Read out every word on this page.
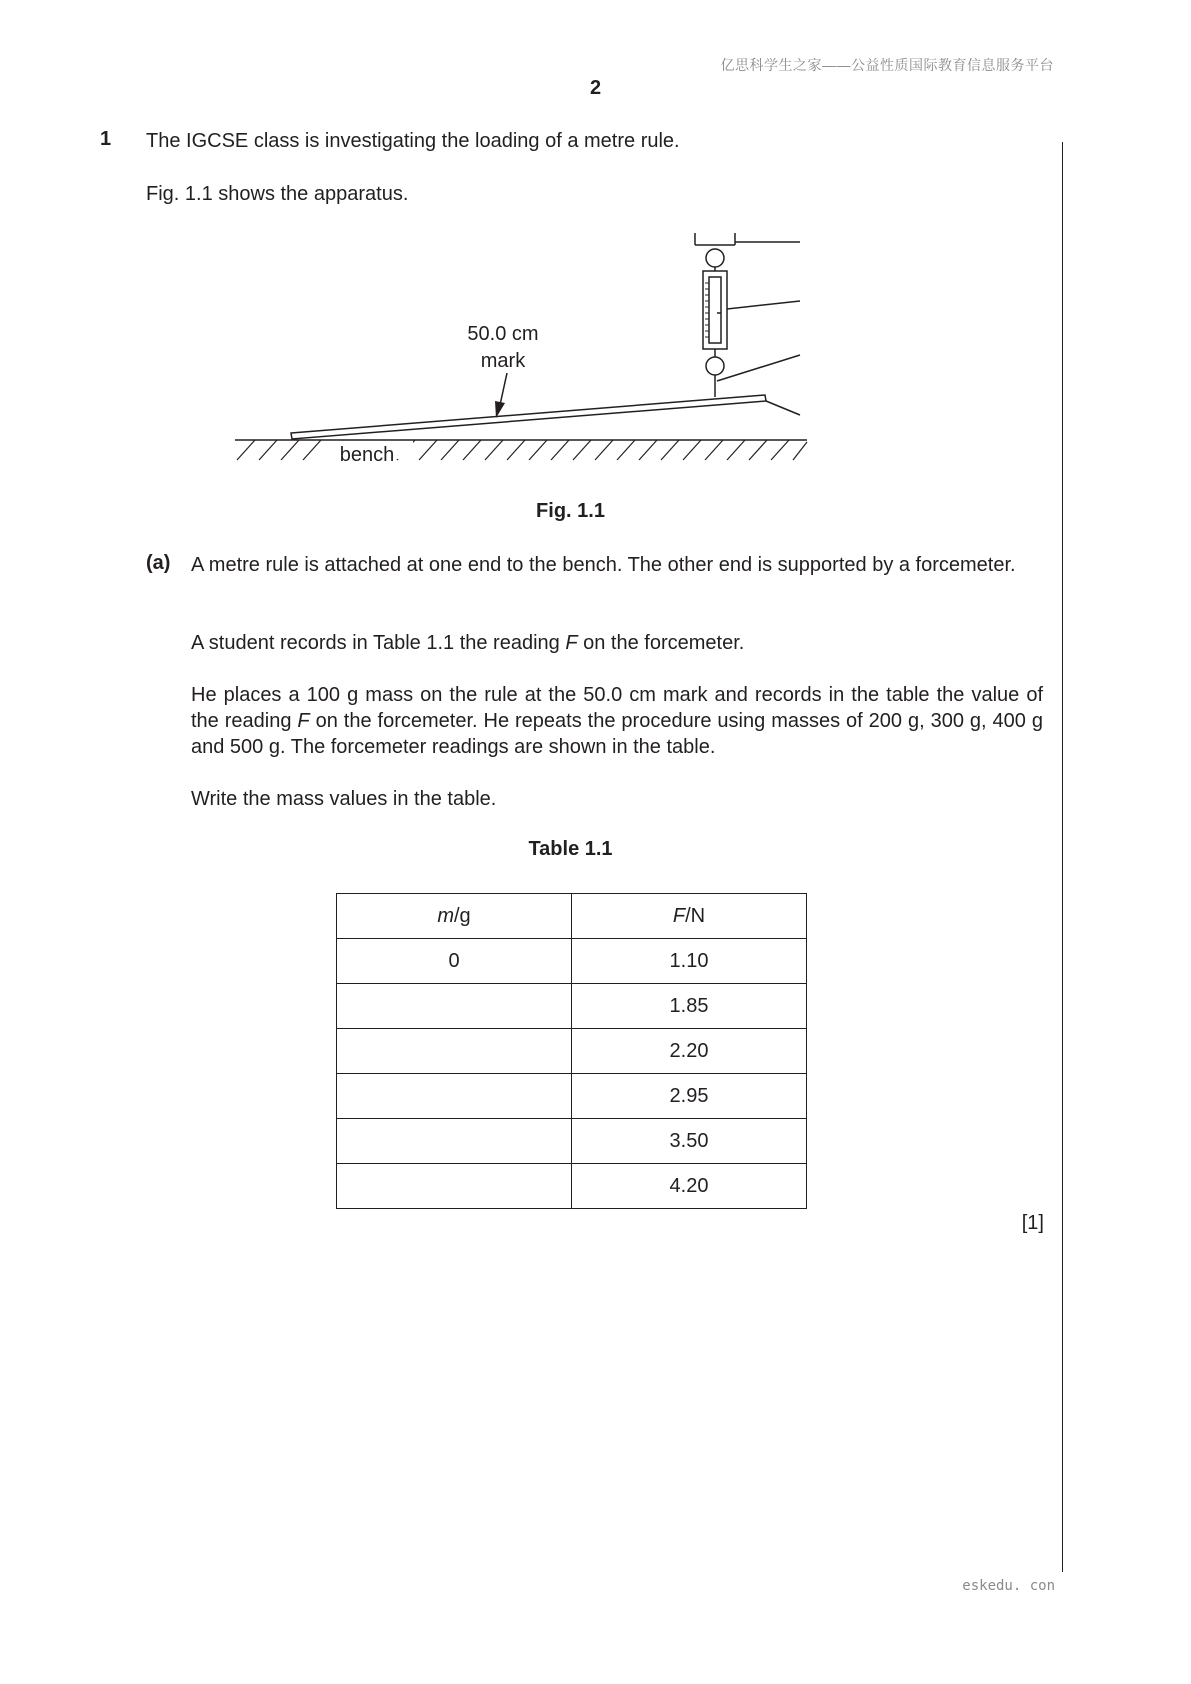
亿思科学生之家——公益性质国际教育信息服务平台
2
1 The IGCSE class is investigating the loading of a metre rule.
Fig. 1.1 shows the apparatus.
50.0 cm
mark
bench
Fig. 1.1
(a) A metre rule is attached at one end to the bench. The other end is supported by a forcemeter.
A student records in Table 1.1 the reading F on the forcemeter.
He places a 100 g mass on the rule at the 50.0 cm mark and records in the table the value of the reading F on the forcemeter. He repeats the procedure using masses of 200 g, 300 g, 400 g and 500 g. The forcemeter readings are shown in the table.
Write the mass values in the table.
Table 1.1
m/g	F/N
0	1.10
	1.85
	2.20
	2.95
	3.50
	4.20
[1]
eskedu. con
